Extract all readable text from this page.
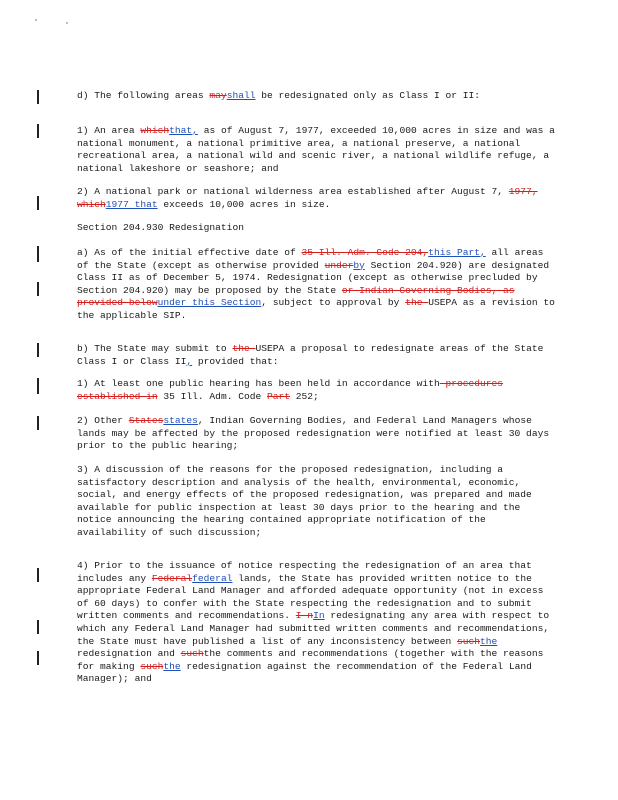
d) The following areas mayshall be redesignated only as Class I or II:

1) An area whichthat, as of August 7, 1977, exceeded 10,000 acres in size and was a national monument, a national primitive area, a national preserve, a national recreational area, a national wild and scenic river, a national wildlife refuge, a national lakeshore or seashore; and

2) A national park or national wilderness area established after August 7, 1977, which1977 that exceeds 10,000 acres in size.

Section 204.930 Redesignation

a) As of the initial effective date of 35 Ill. Adm. Code 204,this Part, all areas of the State (except as otherwise provided underby Section 204.920) are designated Class II as of December 5, 1974. Redesignation (except as otherwise precluded by Section 204.920) may be proposed by the State or Indian Governing Bodies, as provided belowunder this Section, subject to approval by the USEPA as a revision to the applicable SIP.

b) The State may submit to the USEPA a proposal to redesignate areas of the State Class I or Class II, provided that:

1) At least one public hearing has been held in accordance with procedures established in 35 Ill. Adm. Code Part 252;

2) Other Statesstates, Indian Governing Bodies, and Federal Land Managers whose lands may be affected by the proposed redesignation were notified at least 30 days prior to the public hearing;

3) A discussion of the reasons for the proposed redesignation, including a satisfactory description and analysis of the health, environmental, economic, social, and energy effects of the proposed redesignation, was prepared and made available for public inspection at least 30 days prior to the hearing and the notice announcing the hearing contained appropriate notification of the availability of such discussion;

4) Prior to the issuance of notice respecting the redesignation of an area that includes any Federalfederal lands, the State has provided written notice to the appropriate Federal Land Manager and afforded adequate opportunity (not in excess of 60 days) to confer with the State respecting the redesignation and to submit written comments and recommendations. I nIn redesignating any area with respect to which any Federal Land Manager had submitted written comments and recommendations, the State must have published a list of any inconsistency between suchthe redesignation and suchthe comments and recommendations (together with the reasons for making suchthe redesignation against the recommendation of the Federal Land Manager); and
